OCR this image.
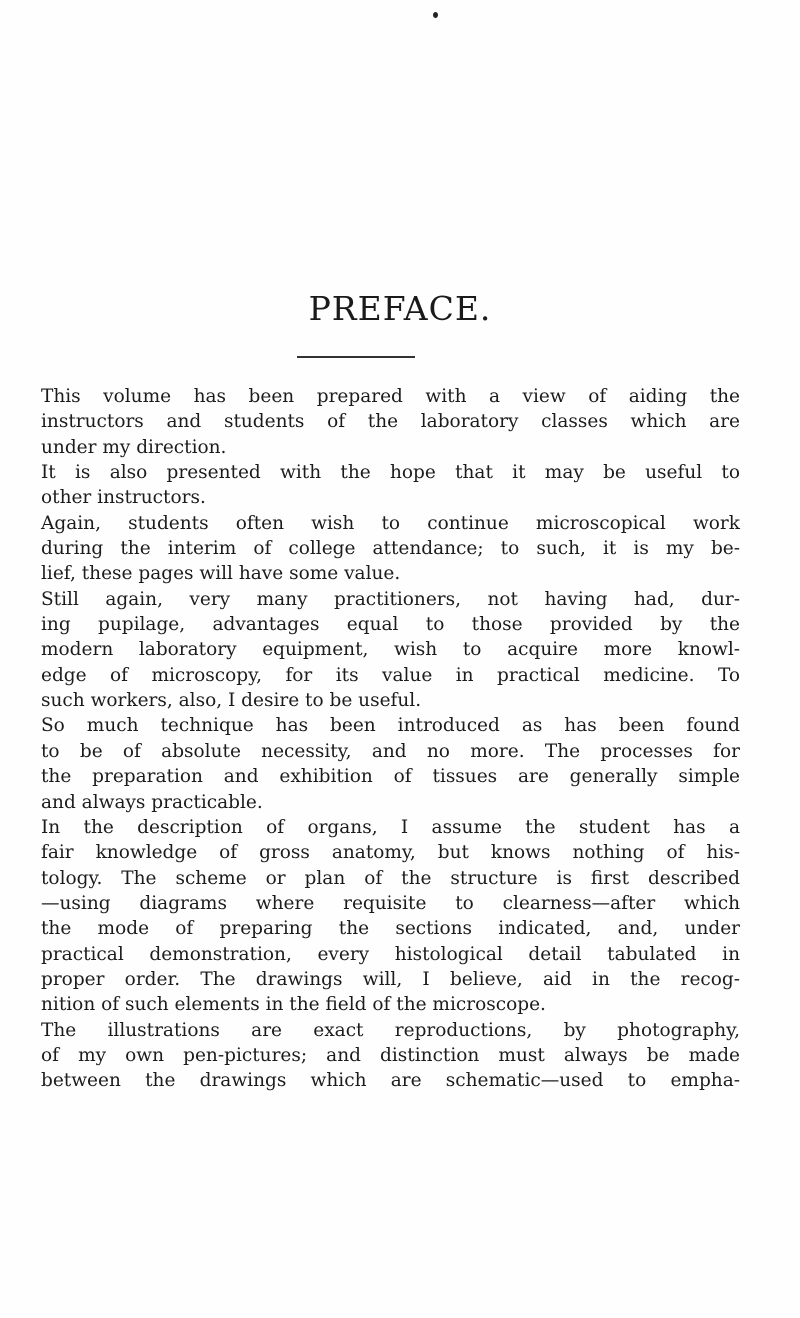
PREFACE.
This volume has been prepared with a view of aiding the
instructors and students of the laboratory classes which are
under my direction.
It is also presented with the hope that it may be useful to
other instructors.
Again, students often wish to continue microscopical work
during the interim of college attendance; to such, it is my be-
lief, these pages will have some value.
Still again, very many practitioners, not having had, dur-
ing pupilage, advantages equal to those provided by the
modern laboratory equipment, wish to acquire more knowl-
edge of microscopy, for its value in practical medicine. To
such workers, also, I desire to be useful.
So much technique has been introduced as has been found
to be of absolute necessity, and no more. The processes for
the preparation and exhibition of tissues are generally simple
and always practicable.
In the description of organs, I assume the student has a
fair knowledge of gross anatomy, but knows nothing of his-
tology. The scheme or plan of the structure is first described
—using diagrams where requisite to clearness—after which
the mode of preparing the sections indicated, and, under
practical demonstration, every histological detail tabulated in
proper order. The drawings will, I believe, aid in the recog-
nition of such elements in the field of the microscope.
The illustrations are exact reproductions, by photography,
of my own pen-pictures; and distinction must always be made
between the drawings which are schematic—used to empha-
